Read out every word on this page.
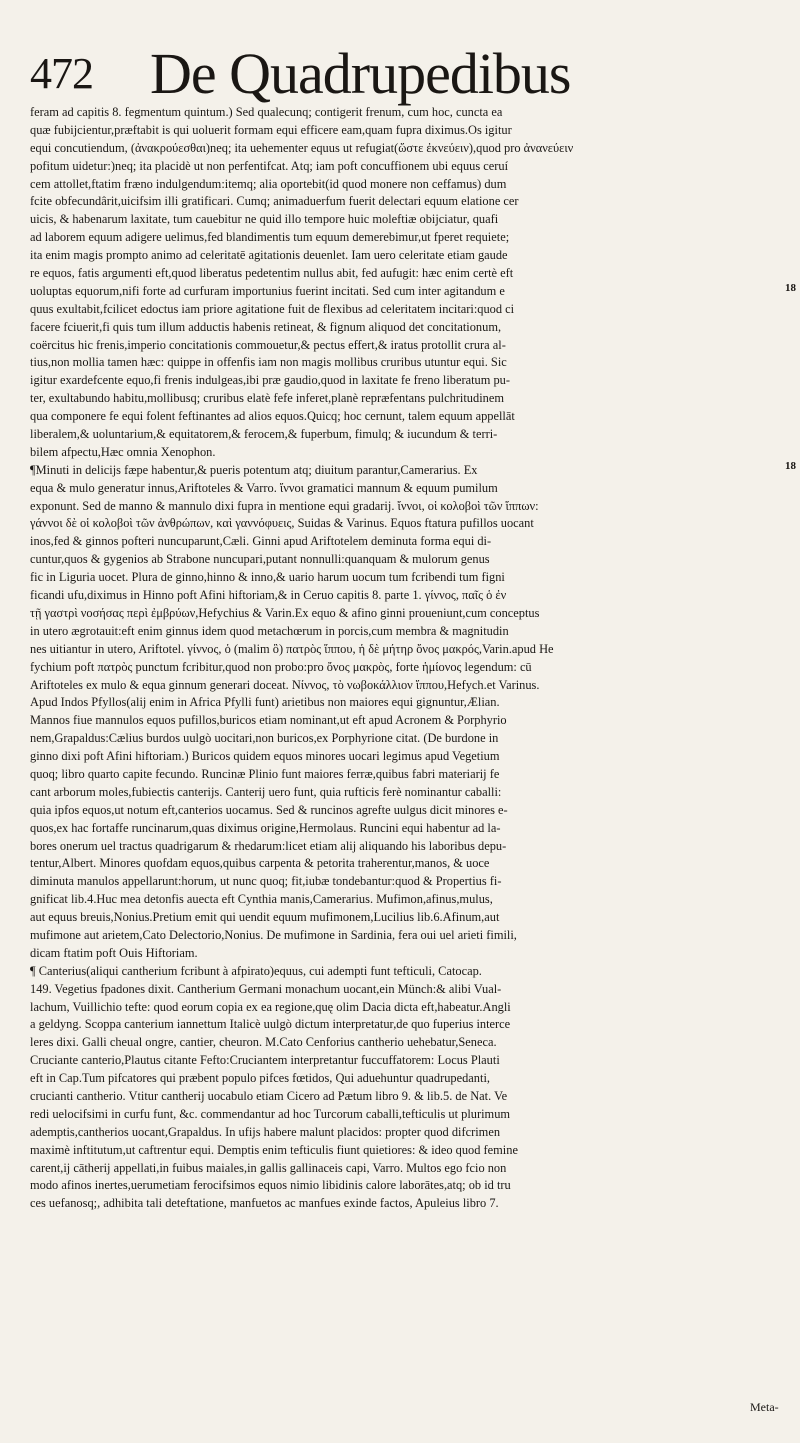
472 De Quadrupedibus
18
18
feram ad capitis 8. fegmentum quintum.) Sed qualecunq; contigerit frenum, cum hoc, cuncta ea
quæ fubijcientur,præftabit is qui uoluerit formam equi efficere eam,quam fupra diximus.Os igitur
equi concutiendum, (ἀνακρούεσθαι)neq; ita uehementer equus ut refugiat(ὥστε ἐκνεύειν),quod pro ἀνανεύειν
pofitum uidetur:)neq; ita placidè ut non perfentifcat. Atq; iam poft concuffionem ubi equus ceruí
cem attollet,ftatim fræno indulgendum:itemq; alia oportebit(id quod monere non ceffamus) dum
fcite obfecundârit,uicifsim illi gratificari. Cumq; animaduerfum fuerit delectari equum elatione cer
uicis, & habenarum laxitate, tum cauebitur ne quid illo tempore huic moleftiæ obijciatur, quafi
ad laborem equum adigere uelimus,fed blandimentis tum equum demerebimur,ut fperet requiete;
ita enim magis prompto animo ad celeritatē agitationis deuenlet. Iam uero celeritate etiam gaude
re equos, fatis argumenti eft,quod liberatus pedetentim nullus abit, fed aufugit: hæc enim certè eft
uoluptas equorum,nifi forte ad curfuram importunius fuerint incitati. Sed cum inter agitandum e
quus exultabit,fcilicet edoctus iam priore agitatione fuit de flexibus ad celeritatem incitari:quod ci
facere fciuerit,fi quis tum illum adductis habenis retineat, & fignum aliquod det concitationum,
coërcitus hic frenis,imperio concitationis commouetur,& pectus effert,& iratus protollit crura al-
tius,non mollia tamen hæc: quippe in offenfis iam non magis mollibus cruribus utuntur equi. Sic
igitur exardefcente equo,fi frenis indulgeas,ibi præ gaudio,quod in laxitate fe freno liberatum pu-
ter, exultabundo habitu,mollibusq; cruribus elatè fefe inferet,planè repræfentans pulchritudinem
qua componere fe equi folent feftinantes ad alios equos.Quicq; hoc cernunt, talem equum appellāt
liberalem,& uoluntarium,& equitatorem,& ferocem,& fuperbum, fimulq; & iucundum & terri-
bilem afpectu,Hæc omnia Xenophon.
¶Minuti in delicijs fæpe habentur,& pueris potentum atq; diuitum parantur,Camerarius. Ex
equa & mulo generatur innus,Ariftoteles & Varro. ἴννοι gramatici mannum & equum pumilum
exponunt. Sed de manno & mannulo dixi fupra in mentione equi gradarij. ἴννοι, οἱ κολοβοὶ τῶν ἵππων:
γάννοι δὲ οἱ κολοβοὶ τῶν ἀνθρώπων, καὶ γαννόφυεις, Suidas & Varinus. Equos ftatura pufillos uocant
inos,fed & ginnos pofteri nuncuparunt,Cæli. Ginni apud Ariftotelem deminuta forma equi di-
cuntur,quos & gygenios ab Strabone nuncupari,putant nonnulli:quanquam & mulorum genus
fic in Liguria uocet. Plura de ginno,hinno & inno,& uario harum uocum tum fcribendi tum figni
ficandi ufu,diximus in Hinno poft Afini hiftoriam,& in Ceruo capitis 8. parte 1. γίννος, παῖς ὁ ἐν
τῇ γαστρὶ νοσήσας περὶ ἐμβρύων,Hefychius & Varin.Ex equo & afino ginni proueniunt,cum conceptus
in utero ægrotauit:eft enim ginnus idem quod metachœrum in porcis,cum membra & magnitudin
nes uitiantur in utero, Ariftotel. γίννος, ὁ (malim ὃ) πατρὸς ἵππου, ἡ δὲ μήτηρ ὄνος μακρός,Varin.apud He
fychium poft πατρὸς punctum fcribitur,quod non probo:pro ὄνος μακρὸς, forte ἡμίονος legendum: cū
Ariftoteles ex mulo & equa ginnum generari doceat. Νίννος, τὸ νωβοκάλλιον ἵππου,Hefych.et Varinus.
Apud Indos Pfyllos(alij enim in Africa Pfylli funt) arietibus non maiores equi gignuntur,Ælian.
Mannos fiue mannulos equos pufillos,buricos etiam nominant,ut eft apud Acronem & Porphyrio
nem,Grapaldus:Cælius burdos uulgò uocitari,non buricos,ex Porphyrione citat. (De burdone in
ginno dixi poft Afini hiftoriam.) Buricos quidem equos minores uocari legimus apud Vegetium
quoq; libro quarto capite fecundo. Runcinæ Plinio funt maiores ferræ,quibus fabri materiarij fe
cant arborum moles,fubiectis canterijs. Canterij uero funt, quia rufticis ferè nominantur caballi:
quia ipfos equos,ut notum eft,canterios uocamus. Sed & runcinos agrefte uulgus dicit minores e-
quos,ex hac fortaffe runcinarum,quas diximus origine,Hermolaus. Runcini equi habentur ad la-
bores onerum uel tractus quadrigarum & rhedarum:licet etiam alij aliquando his laboribus depu-
tentur,Albert. Minores quofdam equos,quibus carpenta & petorita traherentur,manos, & uoce
diminuta manulos appellarunt:horum, ut nunc quoq; fit,iubæ tondebantur:quod & Propertius fi-
gnificat lib.4.Huc mea detonfis auecta eft Cynthia manis,Camerarius. Mufimon,afinus,mulus,
aut equus breuis,Nonius.Pretium emit qui uendit equum mufimonem,Lucilius lib.6.Afinum,aut
mufimone aut arietem,Cato Delectorio,Nonius. De mufimone in Sardinia, fera oui uel arieti fimili,
dicam ftatim poft Ouis Hiftoriam.
¶ Canterius(aliqui cantherium fcribunt à afpirato)equus, cui adempti funt tefticuli, Catocap.
149. Vegetius fpadones dixit. Cantherium Germani monachum uocant,ein Münch:& alibi Vual-
lachum, Vuillichio tefte: quod eorum copia ex ea regione,quę olim Dacia dicta eft,habeatur.Angli
a geldyng. Scoppa canterium iannettum Italicè uulgò dictum interpretatur,de quo fuperius interce
leres dixi. Galli cheual ongre, cantier, cheuron. M.Cato Cenforius cantherio uehebatur,Seneca.
Cruciante canterio,Plautus citante Fefto:Cruciantem interpretantur fuccuffatorem: Locus Plauti
eft in Cap.Tum pifcatores qui præbent populo pifces fœtidos, Qui aduehuntur quadrupedanti,
crucianti cantherio. Vtitur cantherij uocabulo etiam Cicero ad Pætum libro 9. & lib.5. de Nat. Ve
redi uelocifsimi in curfu funt, &c. commendantur ad hoc Turcorum caballi,tefticulis ut plurimum
ademptis,cantherios uocant,Grapaldus. In ufijs habere malunt placidos: propter quod difcrimen
maximè inftitutum,ut caftrentur equi. Demptis enim tefticulis fiunt quietiores: & ideo quod femine
carent,ij cātherij appellati,in fuibus maiales,in gallis gallinaceis capi, Varro. Multos ego fcio non
modo afinos inertes,uerumetiam ferocifsimos equos nimio libidinis calore laborātes,atq; ob id tru
ces uefanosq;, adhibita tali deteftatione, manfuetos ac manfues exinde factos, Apuleius libro 7.
Meta-
